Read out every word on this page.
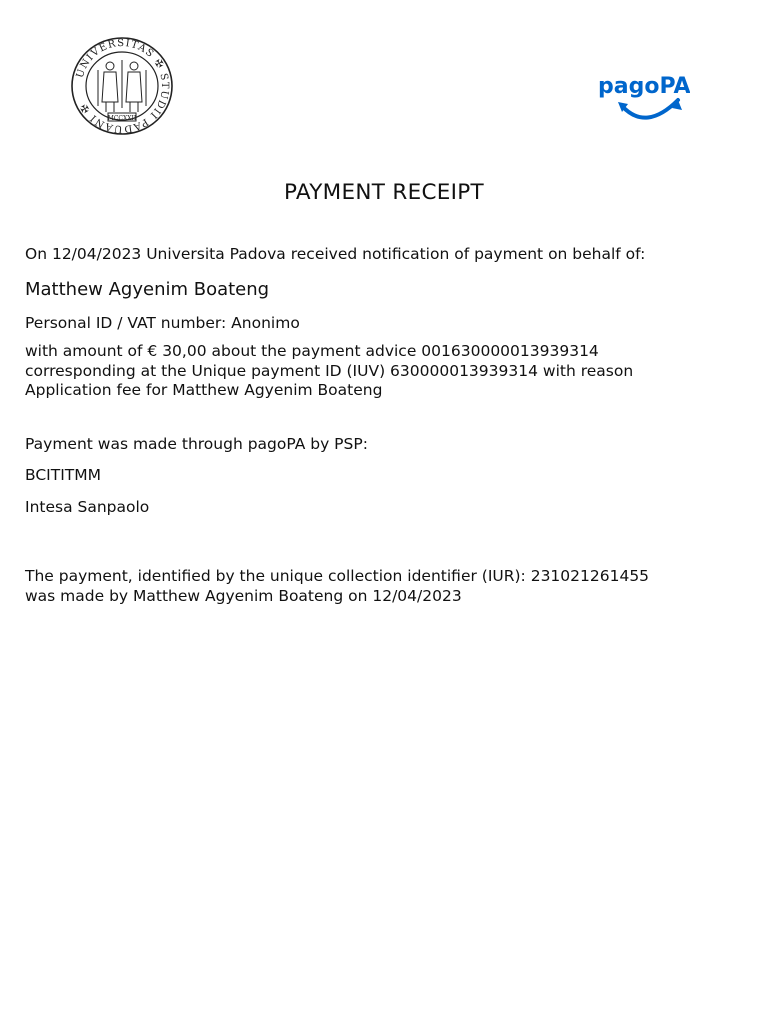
UNIVERSITAS ✠ STUDII PADUANI ✠
MCCXXII
pagoPA
PAYMENT RECEIPT
On 12/04/2023 Universita Padova received notification of payment on behalf of:
Matthew Agyenim Boateng
Personal ID / VAT number: Anonimo
with amount of € 30,00 about the payment advice 001630000013939314
corresponding at the Unique payment ID (IUV) 630000013939314 with reason
Application fee for Matthew Agyenim Boateng
Payment was made through pagoPA by PSP:
BCITITMM
Intesa Sanpaolo
The payment, identified by the unique collection identifier (IUR): 231021261455
was made by Matthew Agyenim Boateng on 12/04/2023
